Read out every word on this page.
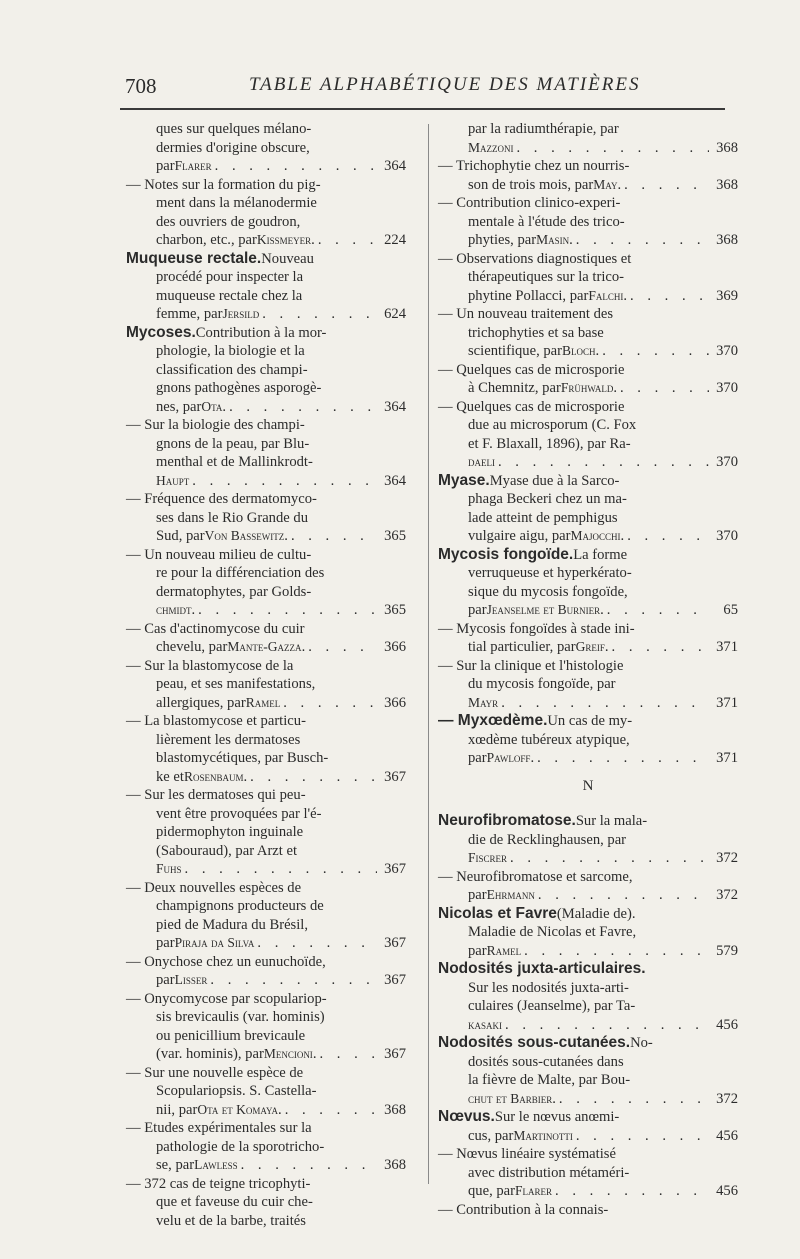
708	TABLE ALPHABÉTIQUE DES MATIÈRES
ques sur quelques mélano-
dermies d'origine obscure,
par Flarer . . .	364
— Notes sur la formation du pig-
ment dans la mélanodermie
des ouvriers de goudron,
charbon, etc., par Kissmeyer . . . .	224
Muqueuse rectale. Nouveau
procédé pour inspecter la
muqueuse rectale chez la
femme, par Jersild . . .	624
Mycoses. Contribution à la mor-
phologie, la biologie et la
classification des champi-
gnons pathogènes asporogè-
nes, par Ota . . . .	364
— Sur la biologie des champi-
gnons de la peau, par Blu-
menthal et de Mallinkrodt-
Haupt . . .	364
— Fréquence des dermatomyco-
ses dans le Rio Grande du
Sud, par Von Bassewitz . . . .	365
— Un nouveau milieu de cultu-
re pour la différenciation des
dermatophytes, par Golds-
chmidt . . . .	365
— Cas d'actinomycose du cuir
chevelu, par Mante-Gazza . . . .	366
— Sur la blastomycose de la
peau, et ses manifestations,
allergiques, par Ramel . . .	366
— La blastomycose et particu-
lièrement les dermatoses
blastomycétiques, par Busch-
ke et Rosenbaum . . . .	367
— Sur les dermatoses qui peu-
vent être provoquées par l'é-
pidermophyton inguinale
(Sabouraud), par Arzt et
Fuhs . . .	367
— Deux nouvelles espèces de
champignons producteurs de
pied de Madura du Brésil,
par Piraja da Silva . . .	367
— Onychose chez un eunuchoïde,
par Lisser . . .	367
— Onycomycose par scopulariop-
sis brevicaulis (var. hominis)
ou penicillium brevicaule
(var. hominis), par Mencioni . . . .	367
— Sur une nouvelle espèce de
Scopulariopsis. S. Castella-
nii, par Ota et Komaya . . . .	368
— Etudes expérimentales sur la
pathologie de la sporotricho-
se, par Lawless . . .	368
— 372 cas de teigne tricophyti-
que et faveuse du cuir che-
velu et de la barbe, traités
par la radiumthérapie, par
Mazzoni . . .	368
— Trichophytie chez un nourris-
son de trois mois, par May . . . .	368
— Contribution clinico-experi-
mentale à l'étude des trico-
phyties, par Masin . . . .	368
— Observations diagnostiques et
thérapeutiques sur la trico-
phytine Pollacci, par Falchi . . . .	369
— Un nouveau traitement des
trichophyties et sa base
scientifique, par Bloch . . . .	370
— Quelques cas de microsporie
à Chemnitz, par Frühwald . . . .	370
— Quelques cas de microsporie
due au microsporum (C. Fox
et F. Blaxall, 1896), par Ra-
daeli . . .	370
Myase. Myase due à la Sarco-
phaga Beckeri chez un ma-
lade atteint de pemphigus
vulgaire aigu, par Majocchi . . . .	370
Mycosis fongoïde. La forme
verruqueuse et hyperkérato-
sique du mycosis fongoïde,
par Jeanselme et Burnier . . . .	65
— Mycosis fongoïdes à stade ini-
tial particulier, par Greif . . . .	371
— Sur la clinique et l'histologie
du mycosis fongoïde, par
Mayr . . .	371
— Myxœdème. Un cas de my-
xœdème tubéreux atypique,
par Pawloff . . . .	371
N
Neurofibromatose. Sur la mala-
die de Recklinghausen, par
Fiscrer . . .	372
— Neurofibromatose et sarcome,
par Ehrmann . . .	372
Nicolas et Favre (Maladie de).
Maladie de Nicolas et Favre,
par Ramel . . .	579
Nodosités juxta-articulaires.
Sur les nodosités juxta-arti-
culaires (Jeanselme), par Ta-
kasaki . . .	456
Nodosités sous-cutanées. No-
dosités sous-cutanées dans
la fièvre de Malte, par Bou-
chut et Barbier . . . .	372
Nœvus. Sur le nœvus anœmi-
cus, par Martinotti . . .	456
— Nœvus linéaire systématisé
avec distribution métaméri-
que, par Flarer . . .	456
— Contribution à la connais-
